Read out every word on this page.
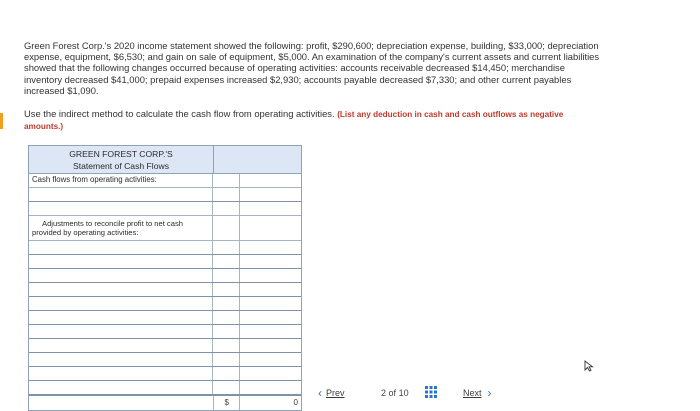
Green Forest Corp.'s 2020 income statement showed the following: profit, $290,600; depreciation expense, building, $33,000; depreciation expense, equipment, $6,530; and gain on sale of equipment, $5,000. An examination of the company's current assets and current liabilities showed that the following changes occurred because of operating activities: accounts receivable decreased $14,450; merchandise inventory decreased $41,000; prepaid expenses increased $2,930; accounts payable decreased $7,330; and other current payables increased $1,090.
Use the indirect method to calculate the cash flow from operating activities. (List any deduction in cash and cash outflows as negative amounts.)
GREEN FOREST CORP.'S
Statement of Cash Flows
Cash flows from operating activities:
Adjustments to reconcile profit to net cash
provided by operating activities:
$	0
‹ Prev	2 of 10	Next ›
